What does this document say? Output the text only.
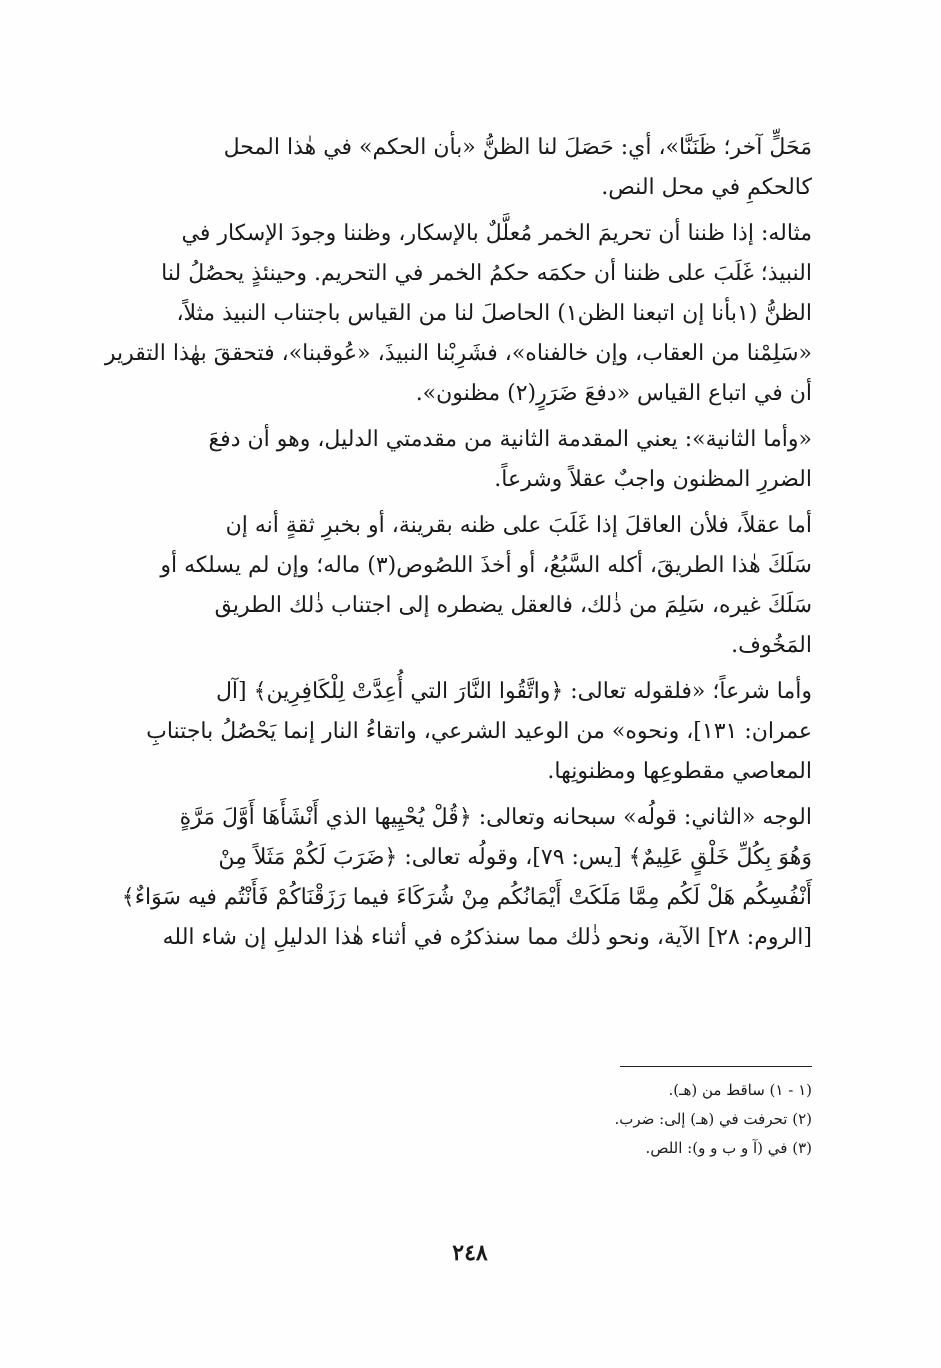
مَحَلٍّ آخر؛ ظَنَنَّا»، أي: حَصَلَ لنا الظنُّ «بأن الحكم» في هٰذا المحل
كالحكمِ في محل النص.

مثاله: إذا ظننا أن تحريمَ الخمر مُعلَّلٌ بالإسكار، وظننا وجودَ الإسكار في
النبيذ؛ غَلَبَ على ظننا أن حكمَه حكمُ الخمر في التحريم. وحينئذٍ يحصُلُ لنا
الظنُّ (١بأنا إن اتبعنا الظن١) الحاصلَ لنا من القياس باجتناب النبيذ مثلاً،
«سَلِمْنا من العقاب، وإن خالفناه»، فشَرِبْنا النبيذَ، «عُوقبنا»، فتحققَ بهٰذا التقرير
أن في اتباع القياس «دفعَ ضَرَرٍ(٢) مظنون».

«وأما الثانية»: يعني المقدمة الثانية من مقدمتي الدليل، وهو أن دفعَ
الضررِ المظنون واجبٌ عقلاً وشرعاً.

أما عقلاً، فلأن العاقلَ إذا غَلَبَ على ظنه بقرينة، أو بخبرِ ثقةٍ أنه إن
سَلَكَ هٰذا الطريقَ، أكله السَّبُعُ، أو أخذَ اللصُوص(٣) ماله؛ وإن لم يسلكه أو
سَلَكَ غيره، سَلِمَ من ذٰلك، فالعقل يضطره إلى اجتناب ذٰلك الطريق
المَخُوف.

وأما شرعاً؛ «فلقوله تعالى: ﴿واتَّقُوا النَّارَ التي أُعِدَّتْ لِلْكَافِرِين﴾ [آل
عمران: ١٣١]، ونحوه» من الوعيد الشرعي، واتقاءُ النار إنما يَحْصُلُ باجتنابِ
المعاصي مقطوعِها ومظنونِها.

الوجه «الثاني: قولُه» سبحانه وتعالى: ﴿قُلْ يُحْيِيها الذي أَنْشَأَهَا أَوَّلَ مَرَّةٍ
وَهُوَ بِكُلِّ خَلْقٍ عَلِيمٌ﴾ [يس: ٧٩]، وقولُه تعالى: ﴿ضَرَبَ لَكُمْ مَثَلاً مِنْ
أَنْفُسِكُم هَلْ لَكُم مِمَّا مَلَكَتْ أَيْمَانُكُم مِنْ شُرَكَاءَ فيما رَزَقْنَاكُمْ فَأَنْتُم فيه سَوَاءٌ﴾
[الروم: ٢٨] الآية، ونحو ذٰلك مما سنذكرُه في أثناء هٰذا الدليلِ إن شاء الله

(١ - ١) ساقط من (هـ).
(٢) تحرفت في (هـ) إلى: ضرب.
(٣) في (آ و ب و و): اللص.
٢٤٨
